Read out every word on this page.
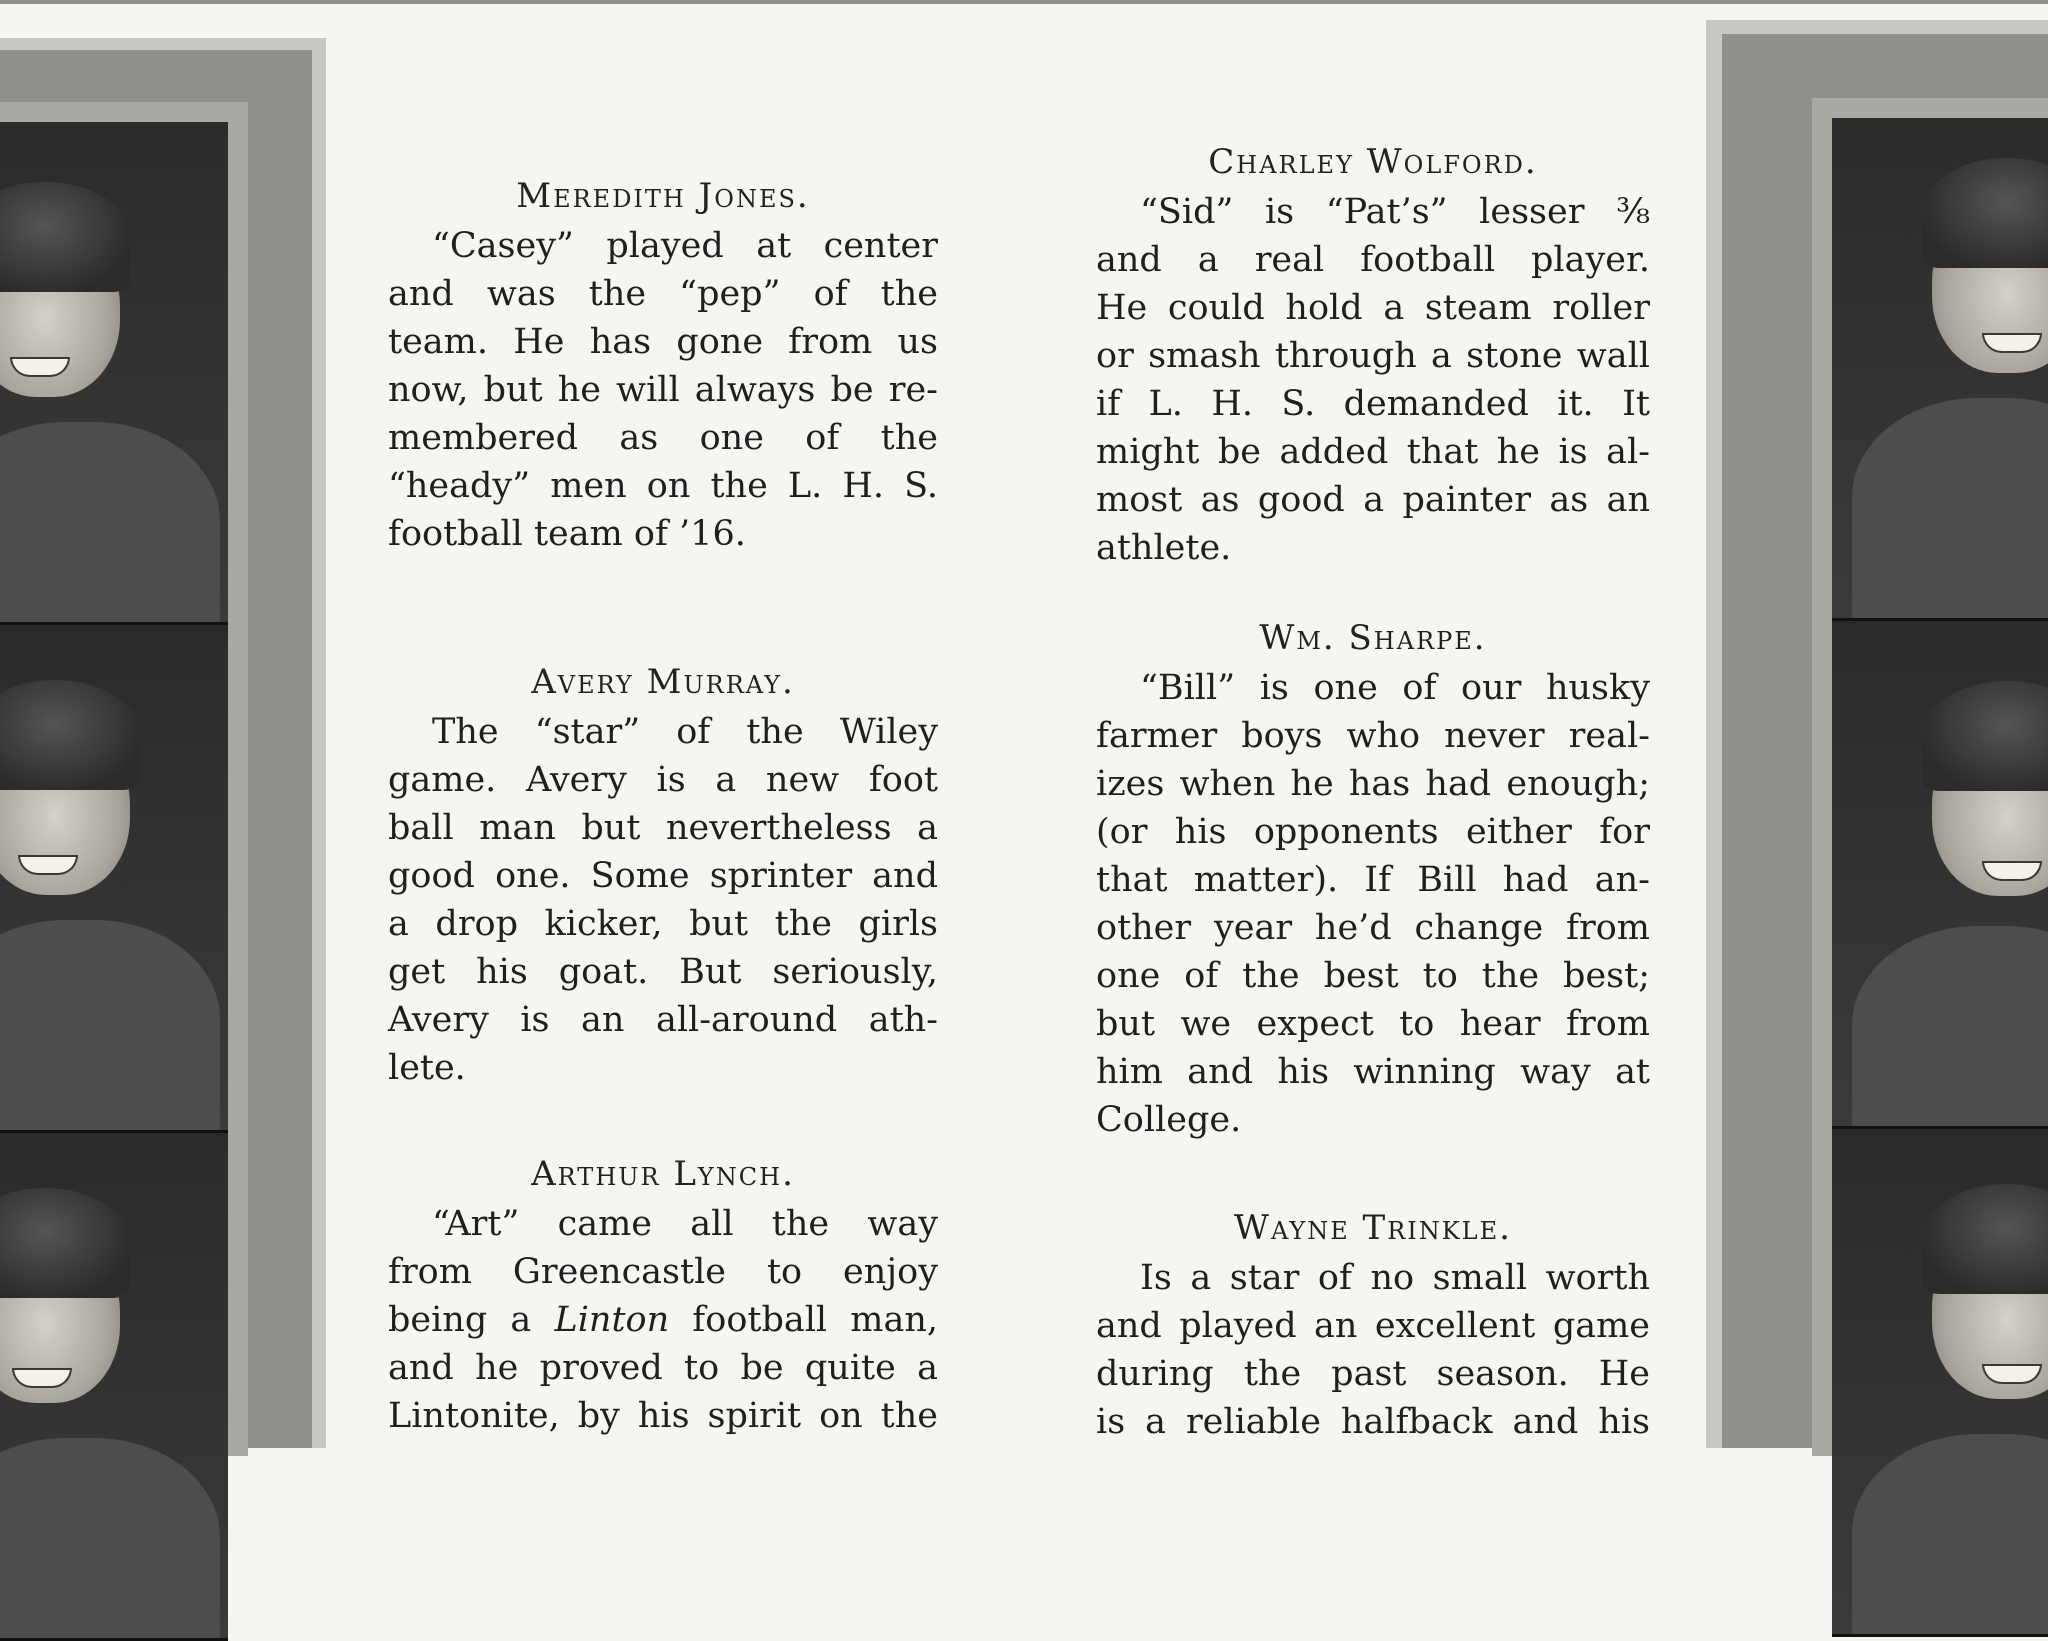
Meredith Jones.
“Casey” played at center
and was the “pep” of the
team. He has gone from us
now, but he will always be re-
membered as one of the
“heady” men on the L. H. S.
football team of ’16.
Avery Murray.
The “star” of the Wiley
game. Avery is a new foot
ball man but nevertheless a
good one. Some sprinter and
a drop kicker, but the girls
get his goat. But seriously,
Avery is an all-around ath-
lete.
Arthur Lynch.
“Art” came all the way
from Greencastle to enjoy
being a Linton football man,
and he proved to be quite a
Lintonite, by his spirit on the
Charley Wolford.
“Sid” is “Pat’s” lesser ⅜
and a real football player.
He could hold a steam roller
or smash through a stone wall
if L. H. S. demanded it. It
might be added that he is al-
most as good a painter as an
athlete.
Wm. Sharpe.
“Bill” is one of our husky
farmer boys who never real-
izes when he has had enough;
(or his opponents either for
that matter). If Bill had an-
other year he’d change from
one of the best to the best;
but we expect to hear from
him and his winning way at
College.
Wayne Trinkle.
Is a star of no small worth
and played an excellent game
during the past season. He
is a reliable halfback and his
